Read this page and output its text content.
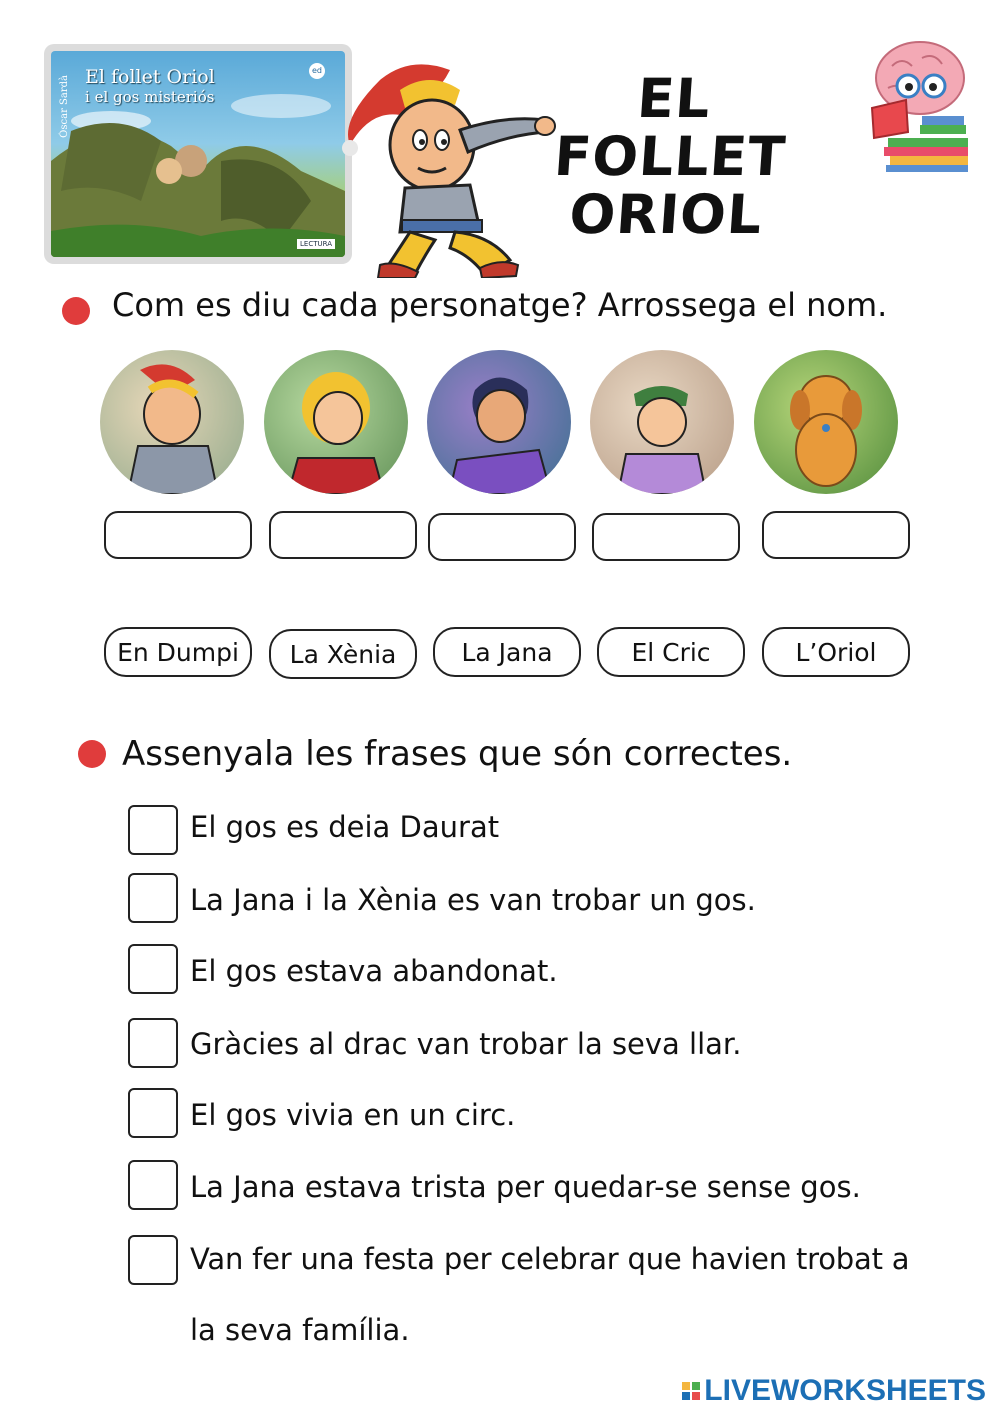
El follet Oriol
i el gos misteriós
Òscar Sardà
ed
LECTURA
EL FOLLET
ORIOL
Com es diu cada personatge? Arrossega el nom.
En Dumpi	La Xènia	La Jana	El Cric	L’Oriol
Assenyala les frases que són correctes.
El gos es deia Daurat
La Jana i la Xènia es van trobar un gos.
El gos estava abandonat.
Gràcies al drac van trobar la seva llar.
El gos vivia en un circ.
La Jana estava trista per quedar-se sense gos.
Van fer una festa per celebrar que havien trobat a
la seva família.
LIVEWORKSHEETS
